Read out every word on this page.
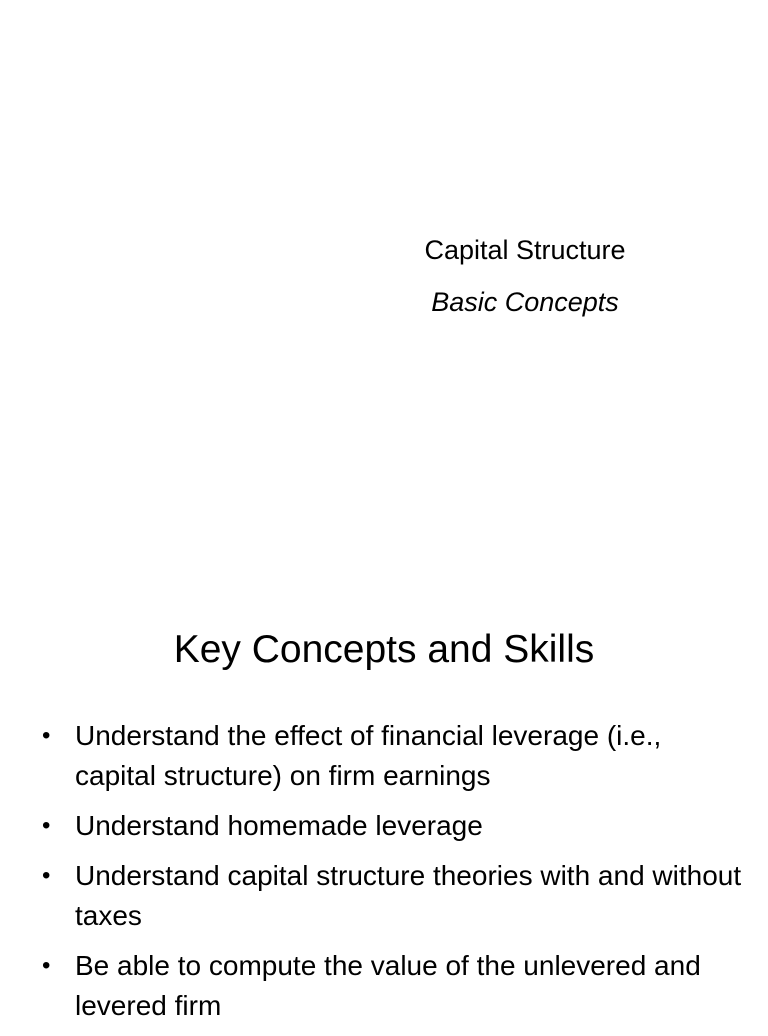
Capital Structure
Basic Concepts
Key Concepts and Skills
• Understand the effect of financial leverage (i.e., capital structure) on firm earnings
• Understand homemade leverage
• Understand capital structure theories with and without taxes
• Be able to compute the value of the unlevered and levered firm
